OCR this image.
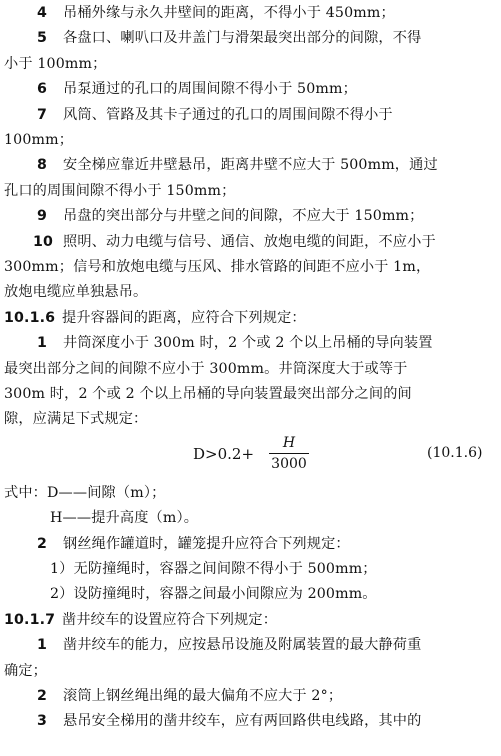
4 吊桶外缘与永久井壁间的距离，不得小于 450mm；
5 各盘口、喇叭口及井盖门与滑架最突出部分的间隙，不得
小于 100mm；
6 吊泵通过的孔口的周围间隙不得小于 50mm；
7 风筒、管路及其卡子通过的孔口的周围间隙不得小于
100mm；
8 安全梯应靠近井壁悬吊，距离井壁不应大于 500mm，通过
孔口的周围间隙不得小于 150mm；
9 吊盘的突出部分与井壁之间的间隙，不应大于 150mm；
10 照明、动力电缆与信号、通信、放炮电缆的间距，不应小于
300mm；信号和放炮电缆与压风、排水管路的间距不应小于 1m，
放炮电缆应单独悬吊。
10.1.6 提升容器间的距离，应符合下列规定：
1 井筒深度小于 300m 时，2 个或 2 个以上吊桶的导向装置
最突出部分之间的间隙不应小于 300mm。井筒深度大于或等于
300m 时，2 个或 2 个以上吊桶的导向装置最突出部分之间的间
隙，应满足下式规定：
D>0.2+
H
3000
(10.1.6)
式中：D——间隙（m）；
H——提升高度（m）。
2 钢丝绳作罐道时，罐笼提升应符合下列规定：
1）无防撞绳时，容器之间间隙不得小于 500mm；
2）设防撞绳时，容器之间最小间隙应为 200mm。
10.1.7 凿井绞车的设置应符合下列规定：
1 凿井绞车的能力，应按悬吊设施及附属装置的最大静荷重
确定；
2 滚筒上钢丝绳出绳的最大偏角不应大于 2°；
3 悬吊安全梯用的凿井绞车，应有两回路供电线路，其中的
